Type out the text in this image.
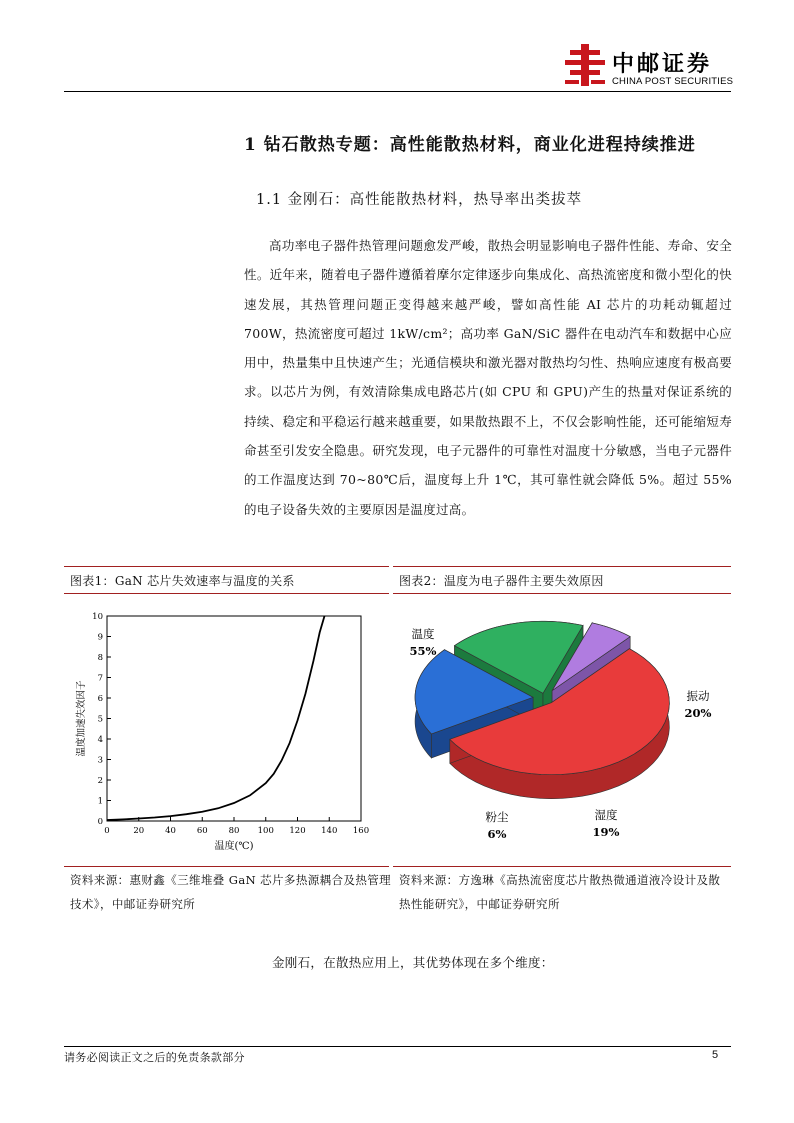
中邮证券
CHINA POST SECURITIES
1 钻石散热专题：高性能散热材料，商业化进程持续推进
1.1 金刚石：高性能散热材料，热导率出类拔萃
高功率电子器件热管理问题愈发严峻，散热会明显影响电子器件性能、寿命、安全性。近年来，随着电子器件遵循着摩尔定律逐步向集成化、高热流密度和微小型化的快速发展，其热管理问题正变得越来越严峻，譬如高性能 AI 芯片的功耗动辄超过 700W，热流密度可超过 1kW/cm²；高功率 GaN/SiC 器件在电动汽车和数据中心应用中，热量集中且快速产生；光通信模块和激光器对散热均匀性、热响应速度有极高要求。以芯片为例，有效清除集成电路芯片(如 CPU 和 GPU)产生的热量对保证系统的持续、稳定和平稳运行越来越重要，如果散热跟不上，不仅会影响性能，还可能缩短寿命甚至引发安全隐患。研究发现，电子元器件的可靠性对温度十分敏感，当电子元器件的工作温度达到 70~80℃后，温度每上升 1℃，其可靠性就会降低 5%。超过 55%的电子设备失效的主要原因是温度过高。
图表1：GaN 芯片失效速率与温度的关系	图表2：温度为电子器件主要失效原因
0
1
2
3
4
5
6
7
8
9
10
0	20 40 60 80 100 120 140 160
温度(℃)
温度加速失效因子
温度
55%
振动
20%
湿度
19%
粉尘
6%
资料来源：惠财鑫《三维堆叠 GaN 芯片多热源耦合及热管理技术》，中邮证券研究所
资料来源：方逸琳《高热流密度芯片散热微通道液冷设计及散热性能研究》，中邮证券研究所
金刚石，在散热应用上，其优势体现在多个维度：
请务必阅读正文之后的免责条款部分	5
